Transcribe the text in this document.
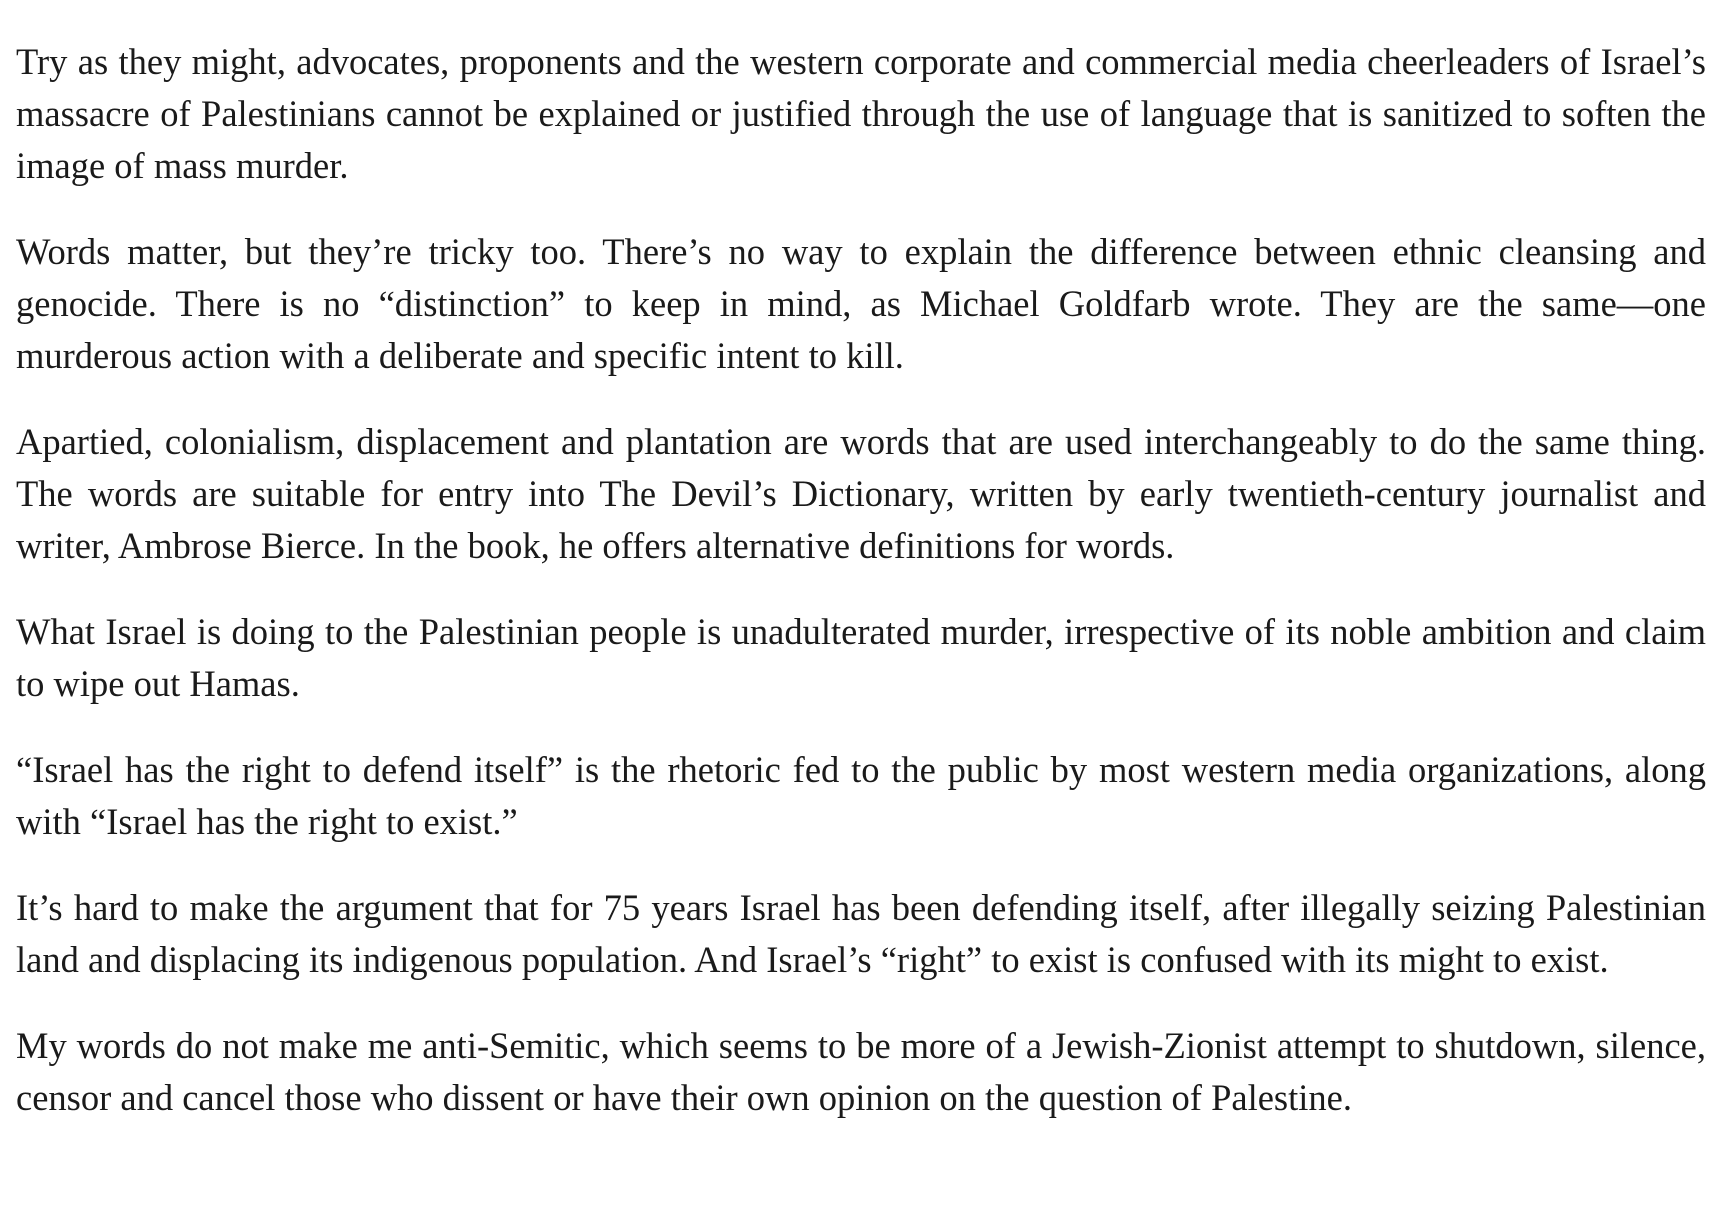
Try as they might, advocates, proponents and the western corporate and commercial media cheerleaders of Israel’s massacre of Palestinians cannot be explained or justified through the use of language that is sanitized to soften the image of mass murder.

Words matter, but they’re tricky too. There’s no way to explain the difference between ethnic cleansing and genocide. There is no “distinction” to keep in mind, as Michael Goldfarb wrote. They are the same—one murderous action with a deliberate and specific intent to kill.

Apartied, colonialism, displacement and plantation are words that are used interchangeably to do the same thing. The words are suitable for entry into The Devil’s Dictionary, written by early twentieth-century journalist and writer, Ambrose Bierce. In the book, he offers alternative definitions for words.

What Israel is doing to the Palestinian people is unadulterated murder, irrespective of its noble ambition and claim to wipe out Hamas.

“Israel has the right to defend itself” is the rhetoric fed to the public by most western media organizations, along with “Israel has the right to exist.”

It’s hard to make the argument that for 75 years Israel has been defending itself, after illegally seizing Palestinian land and displacing its indigenous population. And Israel’s “right” to exist is confused with its might to exist.

My words do not make me anti-Semitic, which seems to be more of a Jewish-Zionist attempt to shutdown, silence, censor and cancel those who dissent or have their own opinion on the question of Palestine.
